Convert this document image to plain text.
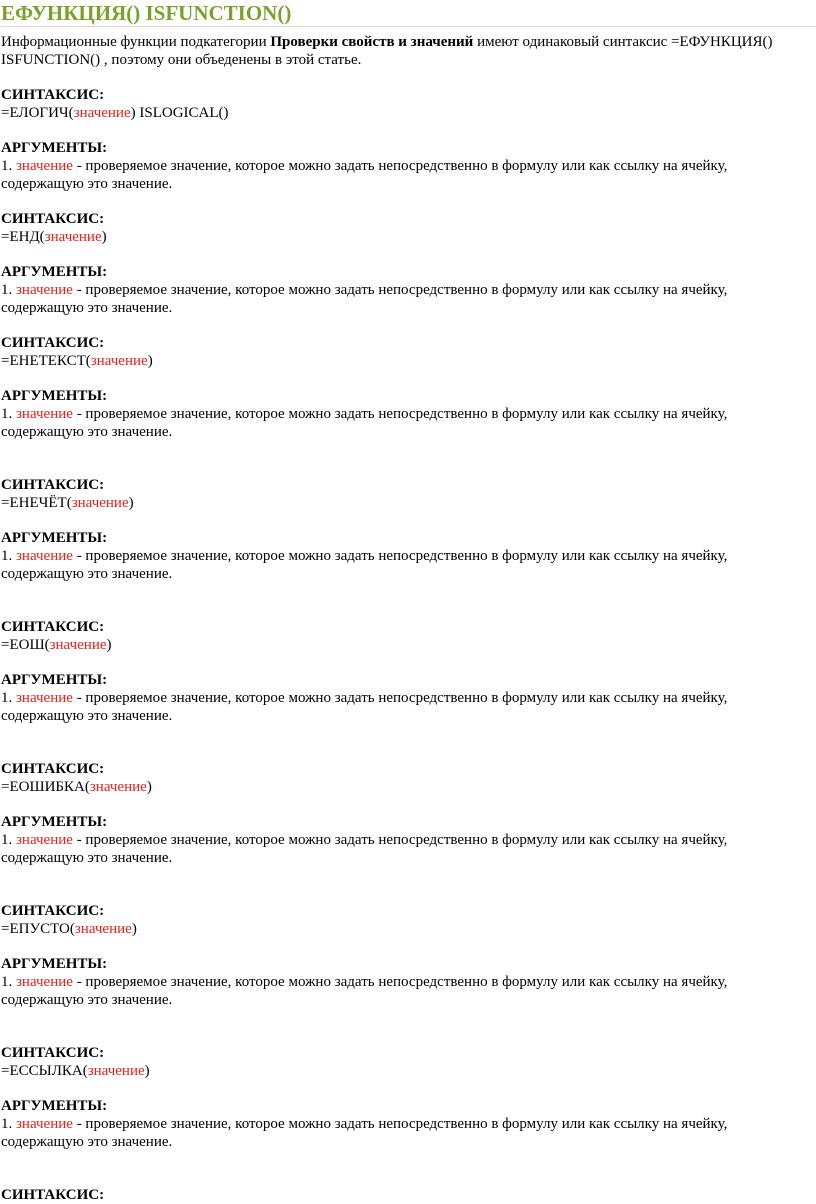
ЕФУНКЦИЯ() ISFUNCTION()
Информационные функции подкатегории Проверки свойств и значений имеют одинаковый синтаксис =ЕФУНКЦИЯ() ISFUNCTION() , поэтому они объеденены в этой статье.
СИНТАКСИС:
=ЕЛОГИЧ(значение) ISLOGICAL()
АРГУМЕНТЫ:
1. значение - проверяемое значение, которое можно задать непосредственно в формулу или как ссылку на ячейку, содержащую это значение.
СИНТАКСИС:
=ЕНД(значение)
АРГУМЕНТЫ:
1. значение - проверяемое значение, которое можно задать непосредственно в формулу или как ссылку на ячейку, содержащую это значение.
СИНТАКСИС:
=ЕНЕТЕКСТ(значение)
АРГУМЕНТЫ:
1. значение - проверяемое значение, которое можно задать непосредственно в формулу или как ссылку на ячейку, содержащую это значение.
СИНТАКСИС:
=ЕНЕЧЁТ(значение)
АРГУМЕНТЫ:
1. значение - проверяемое значение, которое можно задать непосредственно в формулу или как ссылку на ячейку, содержащую это значение.
СИНТАКСИС:
=ЕОШ(значение)
АРГУМЕНТЫ:
1. значение - проверяемое значение, которое можно задать непосредственно в формулу или как ссылку на ячейку, содержащую это значение.
СИНТАКСИС:
=ЕОШИБКА(значение)
АРГУМЕНТЫ:
1. значение - проверяемое значение, которое можно задать непосредственно в формулу или как ссылку на ячейку, содержащую это значение.
СИНТАКСИС:
=ЕПУСТО(значение)
АРГУМЕНТЫ:
1. значение - проверяемое значение, которое можно задать непосредственно в формулу или как ссылку на ячейку, содержащую это значение.
СИНТАКСИС:
=ЕССЫЛКА(значение)
АРГУМЕНТЫ:
1. значение - проверяемое значение, которое можно задать непосредственно в формулу или как ссылку на ячейку, содержащую это значение.
СИНТАКСИС:
